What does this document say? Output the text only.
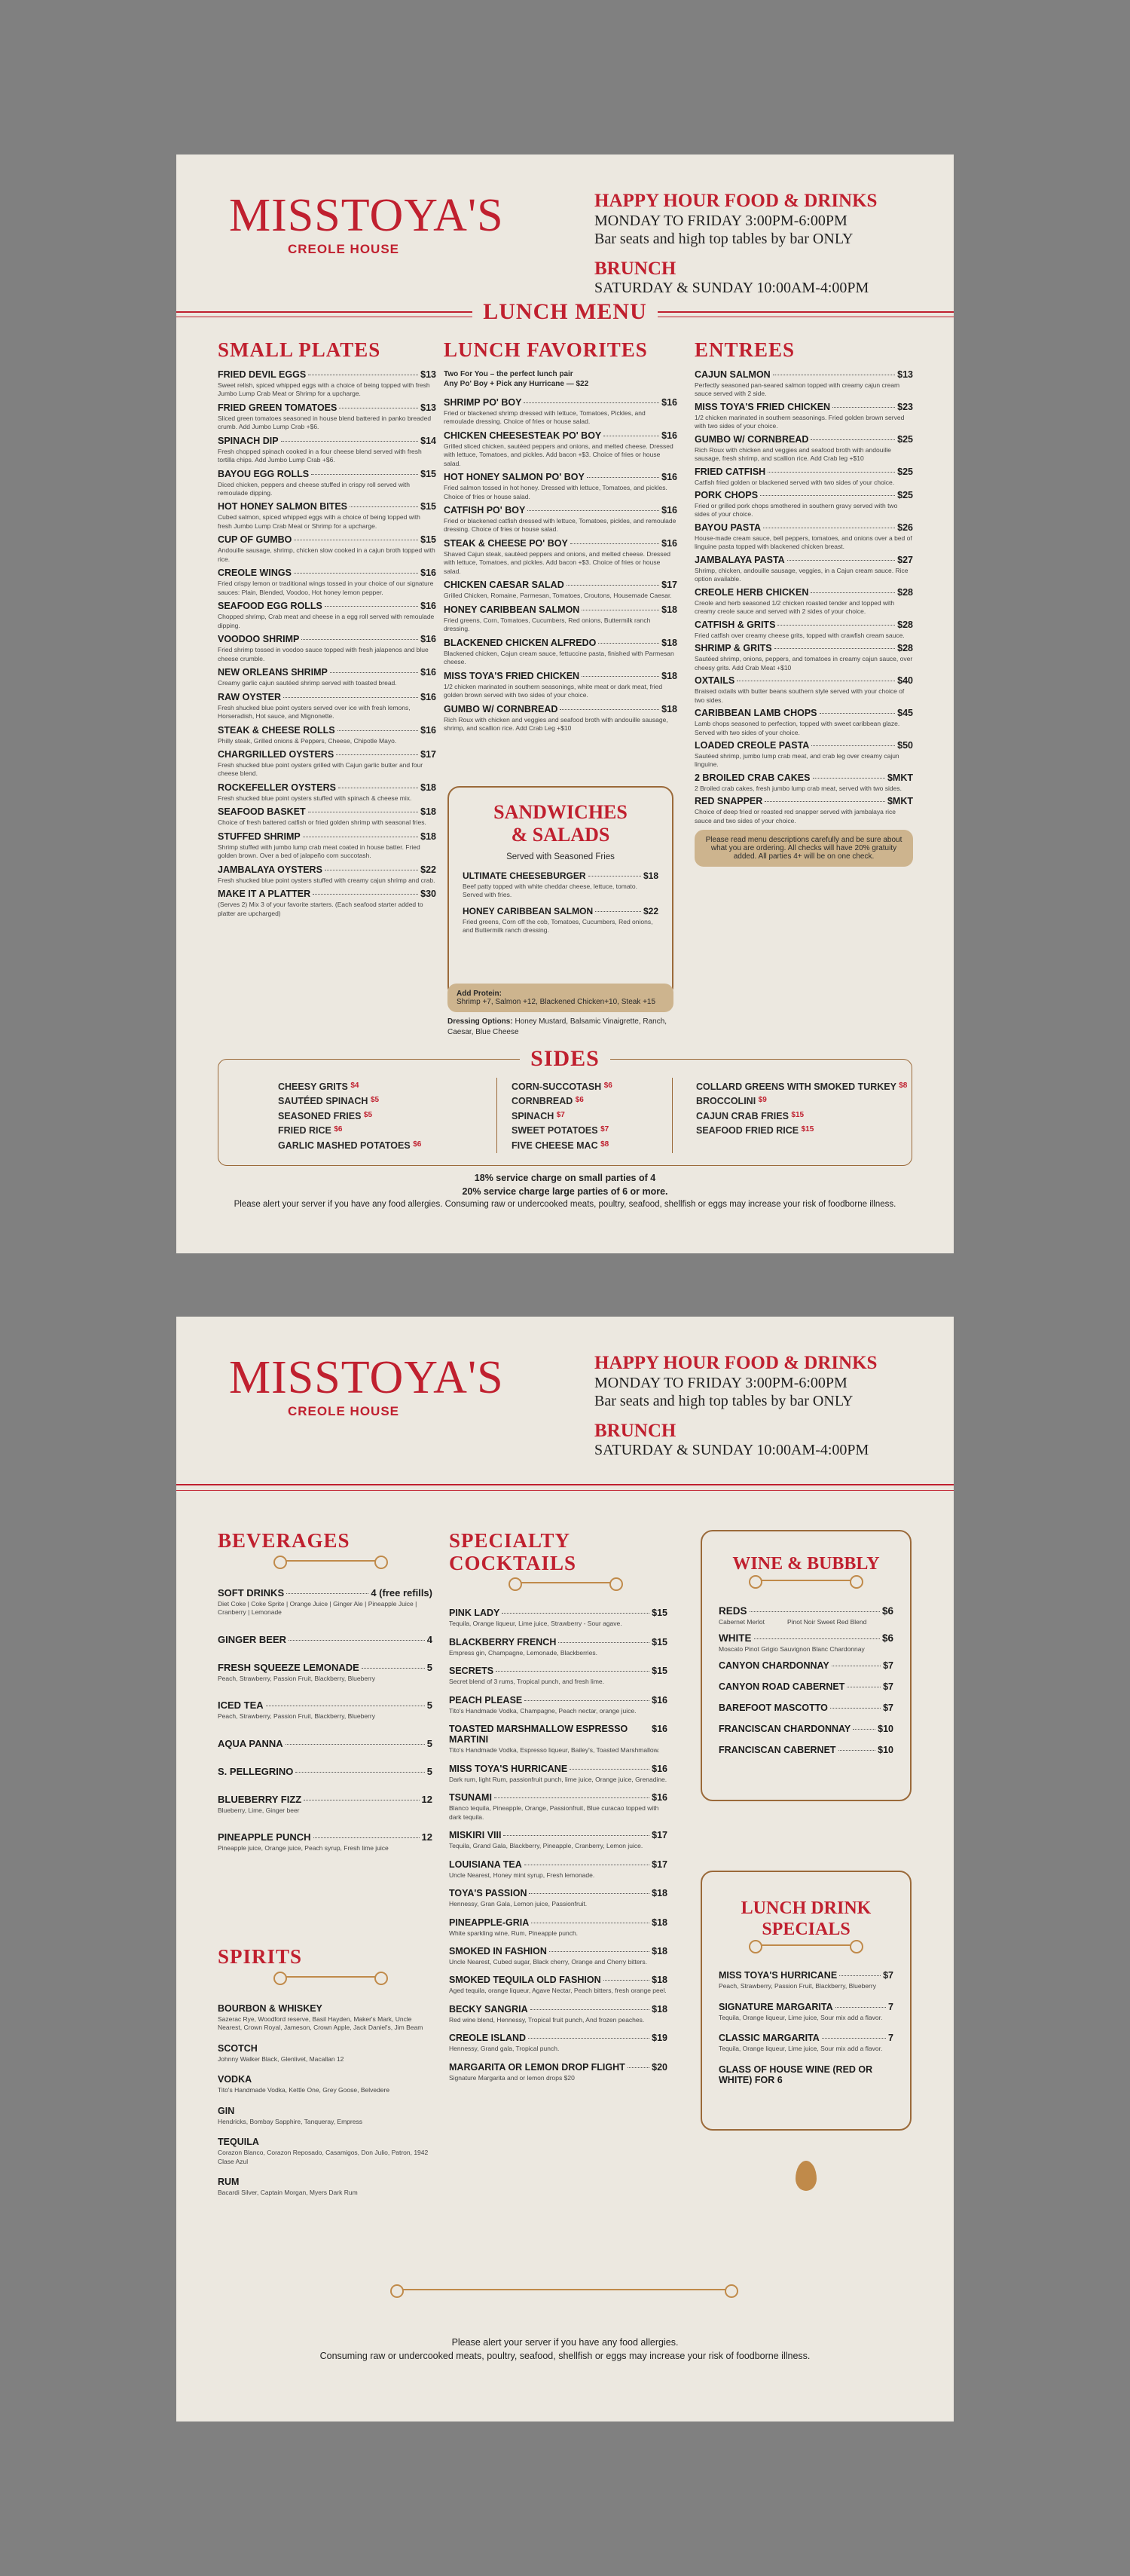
MISSTOYA'S
CREOLE HOUSE
HAPPY HOUR FOOD & DRINKS
MONDAY TO FRIDAY 3:00PM-6:00PM
Bar seats and high top tables by bar ONLY
BRUNCH
SATURDAY & SUNDAY 10:00AM-4:00PM
LUNCH MENU
SMALL PLATES
FRIED DEVIL EGGS	$13
Sweet relish, spiced whipped eggs with a choice of being topped with fresh Jumbo Lump Crab Meat or Shrimp for a upcharge.
FRIED GREEN TOMATOES	$13
Sliced green tomatoes seasoned in house blend battered in panko breaded crumb. Add Jumbo Lump Crab +$6.
SPINACH DIP	$14
Fresh chopped spinach cooked in a four cheese blend served with fresh tortilla chips. Add Jumbo Lump Crab +$6.
BAYOU EGG ROLLS	$15
Diced chicken, peppers and cheese stuffed in crispy roll served with remoulade dipping.
HOT HONEY SALMON BITES	$15
Cubed salmon, spiced whipped eggs with a choice of being topped with fresh Jumbo Lump Crab Meat or Shrimp for a upcharge.
CUP OF GUMBO	$15
Andouille sausage, shrimp, chicken slow cooked in a cajun broth topped with rice.
CREOLE WINGS	$16
Fried crispy lemon or traditional wings tossed in your choice of our signature sauces: Plain, Blended, Voodoo, Hot honey lemon pepper.
SEAFOOD EGG ROLLS	$16
Chopped shrimp, Crab meat and cheese in a egg roll served with remoulade dipping.
VOODOO SHRIMP	$16
Fried shrimp tossed in voodoo sauce topped with fresh jalapenos and blue cheese crumble.
NEW ORLEANS SHRIMP	$16
Creamy garlic cajun sautéed shrimp served with toasted bread.
RAW OYSTER	$16
Fresh shucked blue point oysters served over ice with fresh lemons, Horseradish, Hot sauce, and Mignonette.
STEAK & CHEESE ROLLS	$16
Philly steak, Grilled onions & Peppers, Cheese, Chipotle Mayo.
CHARGRILLED OYSTERS	$17
Fresh shucked blue point oysters grilled with Cajun garlic butter and four cheese blend.
ROCKEFELLER OYSTERS	$18
Fresh shucked blue point oysters stuffed with spinach & cheese mix.
SEAFOOD BASKET	$18
Choice of fresh battered catfish or fried golden shrimp with seasonal fries.
STUFFED SHRIMP	$18
Shrimp stuffed with jumbo lump crab meat coated in house batter. Fried golden brown. Over a bed of jalapeño corn succotash.
JAMBALAYA OYSTERS	$22
Fresh shucked blue point oysters stuffed with creamy cajun shrimp and crab.
MAKE IT A PLATTER	$30
(Serves 2) Mix 3 of your favorite starters. (Each seafood starter added to platter are upcharged)
LUNCH FAVORITES
Two For You – the perfect lunch pair
Any Po' Boy + Pick any Hurricane — $22
SHRIMP PO' BOY	$16
Fried or blackened shrimp dressed with lettuce, Tomatoes, Pickles, and remoulade dressing. Choice of fries or house salad.
CHICKEN CHEESESTEAK PO' BOY	$16
Grilled sliced chicken, sautéed peppers and onions, and melted cheese. Dressed with lettuce, Tomatoes, and pickles. Add bacon +$3. Choice of fries or house salad.
HOT HONEY SALMON PO' BOY	$16
Fried salmon tossed in hot honey. Dressed with lettuce, Tomatoes, and pickles. Choice of fries or house salad.
CATFISH PO' BOY	$16
Fried or blackened catfish dressed with lettuce, Tomatoes, pickles, and remoulade dressing. Choice of fries or house salad.
STEAK & CHEESE PO' BOY	$16
Shaved Cajun steak, sautéed peppers and onions, and melted cheese. Dressed with lettuce, Tomatoes, and pickles. Add bacon +$3. Choice of fries or house salad.
CHICKEN CAESAR SALAD	$17
Grilled Chicken, Romaine, Parmesan, Tomatoes, Croutons, Housemade Caesar.
HONEY CARIBBEAN SALMON	$18
Fried greens, Corn, Tomatoes, Cucumbers, Red onions, Buttermilk ranch dressing.
BLACKENED CHICKEN ALFREDO	$18
Blackened chicken, Cajun cream sauce, fettuccine pasta, finished with Parmesan cheese.
MISS TOYA'S FRIED CHICKEN	$18
1/2 chicken marinated in southern seasonings, white meat or dark meat, fried golden brown served with two sides of your choice.
GUMBO W/ CORNBREAD	$18
Rich Roux with chicken and veggies and seafood broth with andouille sausage, shrimp, and scallion rice. Add Crab Leg +$10
SANDWICHES
& SALADS
Served with Seasoned Fries
ULTIMATE CHEESEBURGER	$18
Beef patty topped with white cheddar cheese, lettuce, tomato. Served with fries.
HONEY CARIBBEAN SALMON	$22
Fried greens, Corn off the cob, Tomatoes, Cucumbers, Red onions, and Buttermilk ranch dressing.
Add Protein:
Shrimp +7, Salmon +12, Blackened Chicken+10, Steak +15
Dressing Options: Honey Mustard, Balsamic Vinaigrette, Ranch, Caesar, Blue Cheese
ENTREES
CAJUN SALMON	$13
Perfectly seasoned pan-seared salmon topped with creamy cajun cream sauce served with 2 side.
MISS TOYA'S FRIED CHICKEN	$23
1/2 chicken marinated in southern seasonings. Fried golden brown served with two sides of your choice.
GUMBO W/ CORNBREAD	$25
Rich Roux with chicken and veggies and seafood broth with andouille sausage, fresh shrimp, and scallion rice. Add Crab leg +$10
FRIED CATFISH	$25
Catfish fried golden or blackened served with two sides of your choice.
PORK CHOPS	$25
Fried or grilled pork chops smothered in southern gravy served with two sides of your choice.
BAYOU PASTA	$26
House-made cream sauce, bell peppers, tomatoes, and onions over a bed of linguine pasta topped with blackened chicken breast.
JAMBALAYA PASTA	$27
Shrimp, chicken, andouille sausage, veggies, in a Cajun cream sauce. Rice option available.
CREOLE HERB CHICKEN	$28
Creole and herb seasoned 1/2 chicken roasted tender and topped with creamy creole sauce and served with 2 sides of your choice.
CATFISH & GRITS	$28
Fried catfish over creamy cheese grits, topped with crawfish cream sauce.
SHRIMP & GRITS	$28
Sautéed shrimp, onions, peppers, and tomatoes in creamy cajun sauce, over cheesy grits. Add Crab Meat +$10
OXTAILS	$40
Braised oxtails with butter beans southern style served with your choice of two sides.
CARIBBEAN LAMB CHOPS	$45
Lamb chops seasoned to perfection, topped with sweet caribbean glaze. Served with two sides of your choice.
LOADED CREOLE PASTA	$50
Sautéed shrimp, jumbo lump crab meat, and crab leg over creamy cajun linguine.
2 BROILED CRAB CAKES	$MKT
2 Broiled crab cakes, fresh jumbo lump crab meat, served with two sides.
RED SNAPPER	$MKT
Choice of deep fried or roasted red snapper served with jambalaya rice sauce and two sides of your choice.
Please read menu descriptions carefully and be sure about what you are ordering. All checks will have 20% gratuity added. All parties 4+ will be on one check.
SIDES
CHEESY GRITS $^{\$4}$
SAUTÉED SPINACH $^{\$5}$
SEASONED FRIES $^{\$5}$
FRIED RICE $^{\$6}$
GARLIC MASHED POTATOES $^{\$6}$
CORN-SUCCOTASH $^{\$6}$
CORNBREAD $^{\$6}$
SPINACH $^{\$7}$
SWEET POTATOES $^{\$7}$
FIVE CHEESE MAC $^{\$8}$
COLLARD GREENS WITH SMOKED TURKEY $^{\$8}$
BROCCOLINI $^{\$9}$
CAJUN CRAB FRIES $^{\$15}$
SEAFOOD FRIED RICE $^{\$15}$
18% service charge on small parties of 4
20% service charge large parties of 6 or more.
Please alert your server if you have any food allergies. Consuming raw or undercooked meats, poultry, seafood, shellfish or eggs may increase your risk of foodborne illness.
MISSTOYA'S
CREOLE HOUSE
HAPPY HOUR FOOD & DRINKS
MONDAY TO FRIDAY 3:00PM-6:00PM
Bar seats and high top tables by bar ONLY
BRUNCH
SATURDAY & SUNDAY 10:00AM-4:00PM
BEVERAGES
SOFT DRINKS	4 (free refills)
Diet Coke | Coke Sprite | Orange Juice | Ginger Ale | Pineapple Juice | Cranberry | Lemonade
GINGER BEER	4
FRESH SQUEEZE LEMONADE	5
Peach, Strawberry, Passion Fruit, Blackberry, Blueberry
ICED TEA	5
Peach, Strawberry, Passion Fruit, Blackberry, Blueberry
AQUA PANNA	5
S. PELLEGRINO	5
BLUEBERRY FIZZ	12
Blueberry, Lime, Ginger beer
PINEAPPLE PUNCH	12
Pineapple juice, Orange juice, Peach syrup, Fresh lime juice
SPIRITS
BOURBON & WHISKEY
Sazerac Rye, Woodford reserve, Basil Hayden, Maker's Mark, Uncle Nearest, Crown Royal, Jameson, Crown Apple, Jack Daniel's, Jim Beam
SCOTCH
Johnny Walker Black, Glenlivet, Macallan 12
VODKA
Tito's Handmade Vodka, Kettle One, Grey Goose, Belvedere
GIN
Hendricks, Bombay Sapphire, Tanqueray, Empress
TEQUILA
Corazon Blanco, Corazon Reposado, Casamigos, Don Julio, Patron, 1942 Clase Azul
RUM
Bacardi Silver, Captain Morgan, Myers Dark Rum
SPECIALTY
COCKTAILS
PINK LADY	$15
Tequila, Orange liqueur, Lime juice, Strawberry - Sour agave.
BLACKBERRY FRENCH	$15
Empress gin, Champagne, Lemonade, Blackberries.
SECRETS	$15
Secret blend of 3 rums, Tropical punch, and fresh lime.
PEACH PLEASE	$16
Tito's Handmade Vodka, Champagne, Peach nectar, orange juice.
TOASTED MARSHMALLOW ESPRESSO MARTINI
$16
Tito's Handmade Vodka, Espresso liqueur, Bailey's, Toasted Marshmallow.
MISS TOYA'S HURRICANE	$16
Dark rum, light Rum, passionfruit punch, lime juice, Orange juice, Grenadine.
TSUNAMI	$16
Blanco tequila, Pineapple, Orange, Passionfruit, Blue curacao topped with dark tequila.
MISKIRI VIII	$17
Tequila, Grand Gala, Blackberry, Pineapple, Cranberry, Lemon juice.
LOUISIANA TEA	$17
Uncle Nearest, Honey mint syrup, Fresh lemonade.
TOYA'S PASSION	$18
Hennessy, Gran Gala, Lemon juice, Passionfruit.
PINEAPPLE-GRIA	$18
White sparkling wine, Rum, Pineapple punch.
SMOKED IN FASHION	$18
Uncle Nearest, Cubed sugar, Black cherry, Orange and Cherry bitters.
SMOKED TEQUILA OLD FASHION	$18
Aged tequila, orange liqueur, Agave Nectar, Peach bitters, fresh orange peel.
BECKY SANGRIA	$18
Red wine blend, Hennessy, Tropical fruit punch, And frozen peaches.
CREOLE ISLAND	$19
Hennessy, Grand gala, Tropical punch.
MARGARITA OR LEMON DROP FLIGHT	$20
Signature Margarita and or lemon drops $20
WINE & BUBBLY
REDS	$6
Cabernet Merlot	Pinot Noir Sweet Red Blend
WHITE	$6
Moscato Pinot Grigio Sauvignon Blanc Chardonnay
CANYON CHARDONNAY	$7
CANYON ROAD CABERNET	$7
BAREFOOT MASCOTTO	$7
FRANCISCAN CHARDONNAY	$10
FRANCISCAN CABERNET	$10
LUNCH DRINK
SPECIALS
MISS TOYA'S HURRICANE	$7
Peach, Strawberry, Passion Fruit, Blackberry, Blueberry
SIGNATURE MARGARITA	7
Tequila, Orange liqueur, Lime juice, Sour mix add a flavor.
CLASSIC MARGARITA	7
Tequila, Orange liqueur, Lime juice, Sour mix add a flavor.
GLASS OF HOUSE WINE (RED OR WHITE) FOR 6
Please alert your server if you have any food allergies.
Consuming raw or undercooked meats, poultry, seafood, shellfish or eggs may increase your risk of foodborne illness.
